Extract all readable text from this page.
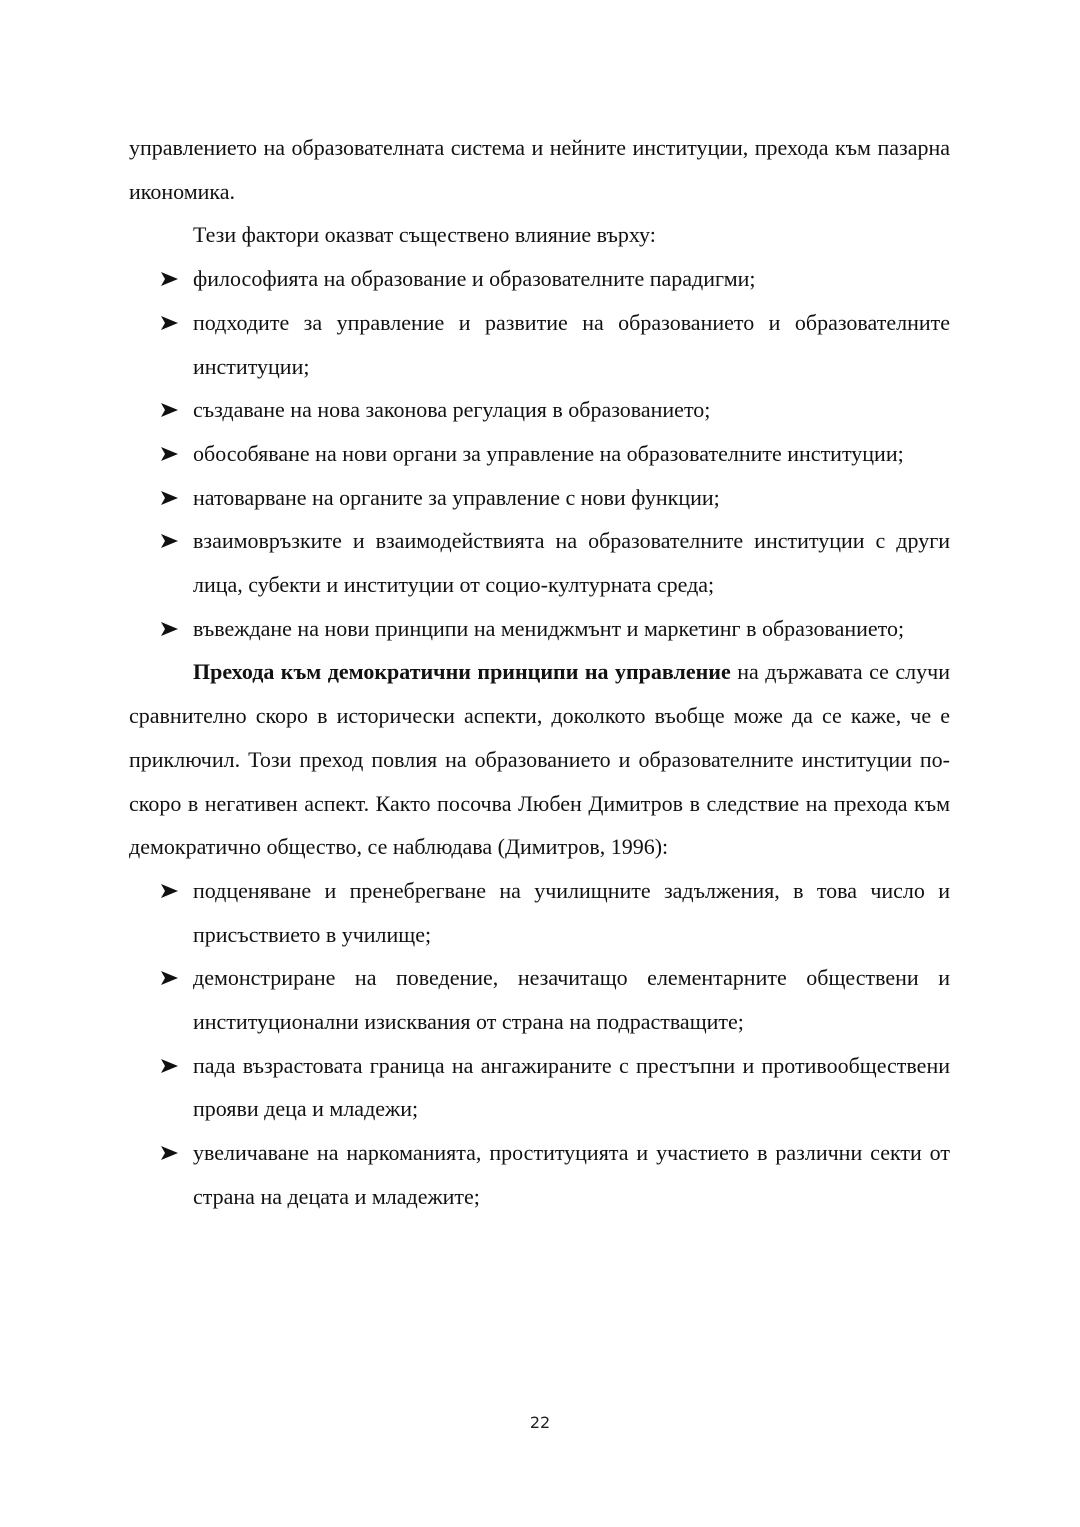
управлението на образователната система и нейните институции, прехода към пазарна икономика.

Тези фактори оказват съществено влияние върху:

философията на образование и образователните парадигми;
подходите за управление и развитие на образованието и образователните институции;
създаване на нова законова регулация в образованието;
обособяване на нови органи за управление на образователните институции;
натоварване на органите за управление с нови функции;
взаимовръзките и взаимодействията на образователните институции с други лица, субекти и институции от социо-културната среда;
въвеждане на нови принципи на мениджмънт и маркетинг в образованието;

Прехода към демократични принципи на управление на държавата се случи сравнително скоро в исторически аспекти, доколкото въобще може да се каже, че е приключил. Този преход повлия на образованието и образователните институции по-скоро в негативен аспект. Както посочва Любен Димитров в следствие на прехода към демократично общество, се наблюдава (Димитров, 1996):

подценяване и пренебрегване на училищните задължения, в това число и присъствието в училище;
демонстриране на поведение, незачитащо елементарните обществени и институционални изисквания от страна на подрастващите;
пада възрастовата граница на ангажираните с престъпни и противообществени прояви деца и младежи;
увеличаване на наркоманията, проституцията и участието в различни секти от страна на децата и младежите;
22
